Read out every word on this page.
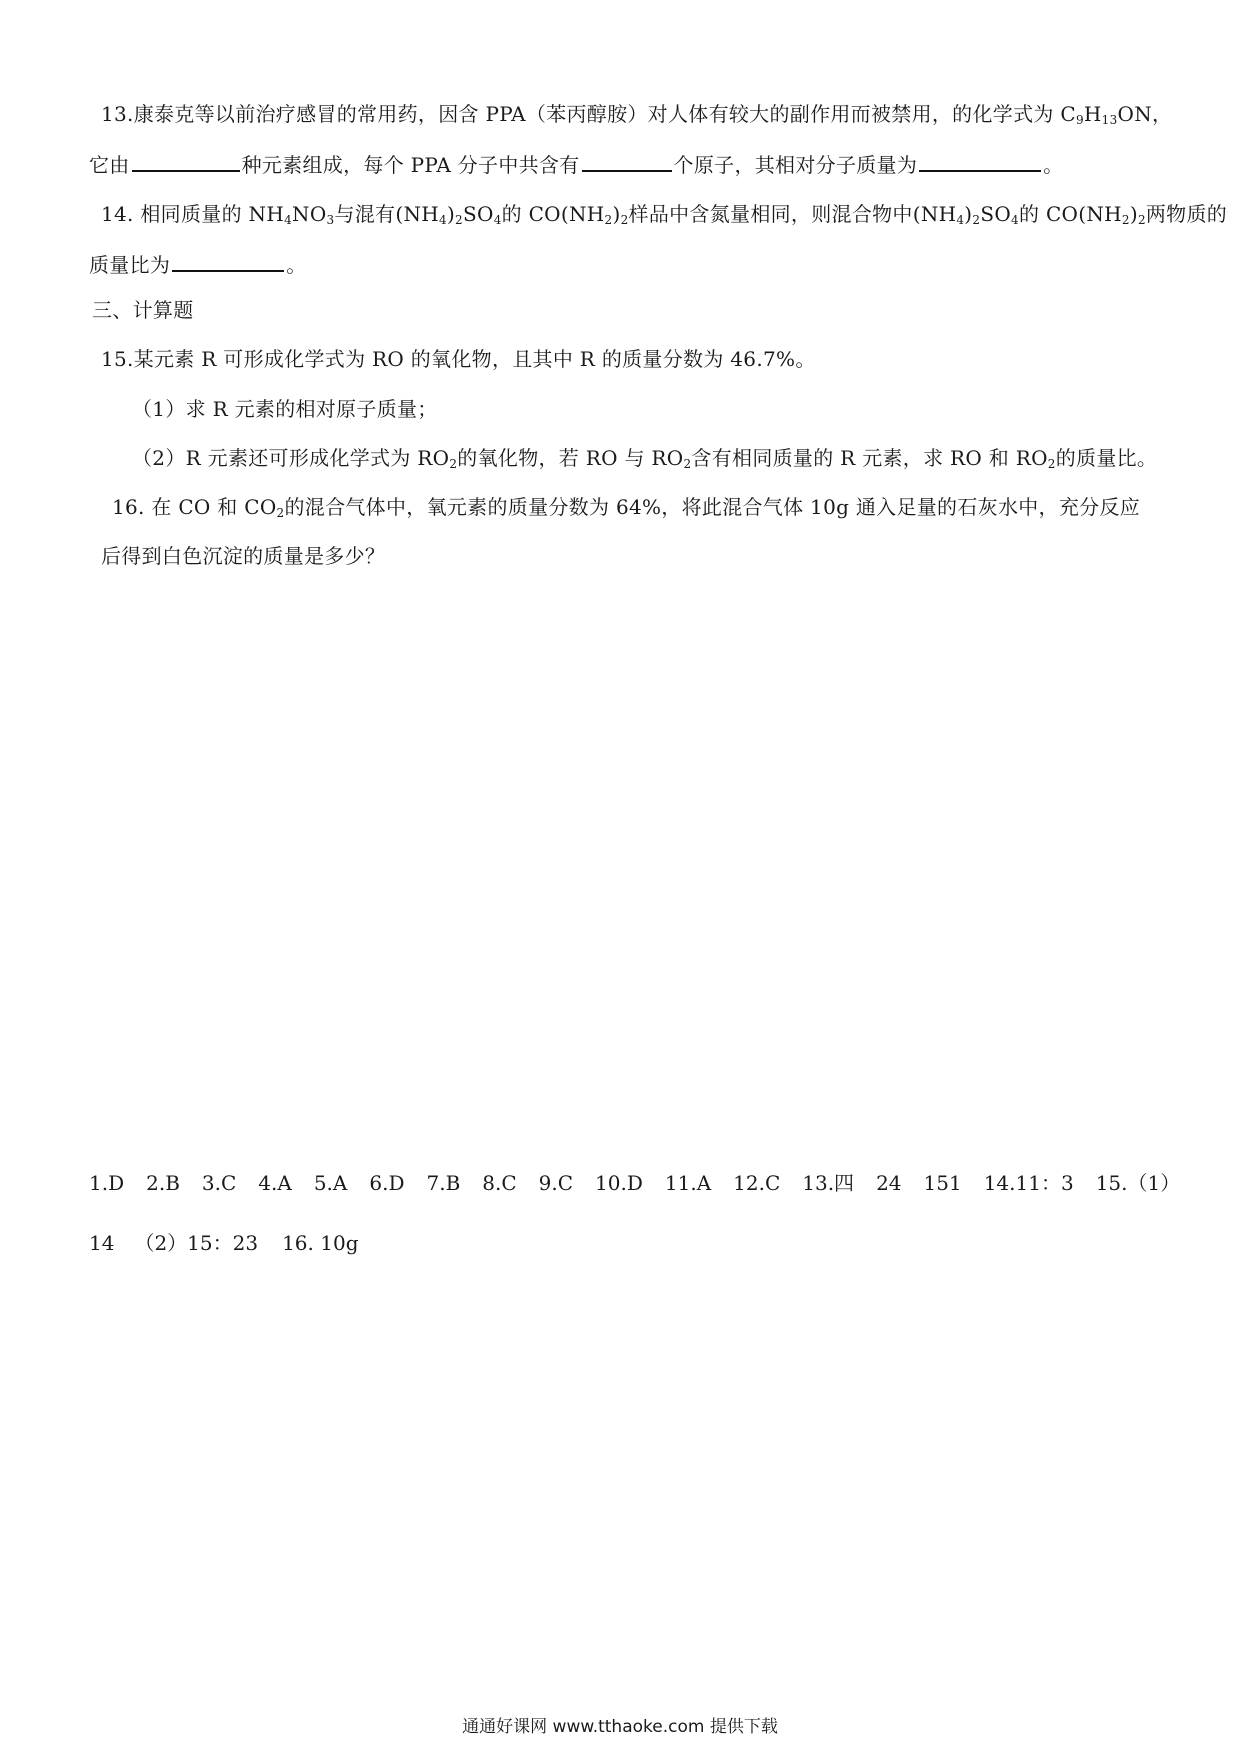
13.康泰克等以前治疗感冒的常用药，因含 PPA（苯丙醇胺）对人体有较大的副作用而被禁用，的化学式为 $C_9H_{13}ON$，
它由	种元素组成，每个 PPA 分子中共含有	个原子，其相对分子质量为	。
14. 相同质量的 $NH_4NO_3$与混有$(NH_4)_2SO_4$的 $CO(NH_2)_2$样品中含氮量相同，则混合物中$(NH_4)_2SO_4$的 $CO(NH_2)_2$两物质的
质量比为	。
三、计算题
15.某元素 R 可形成化学式为 RO 的氧化物，且其中 R 的质量分数为 46.7%。
（1）求 R 元素的相对原子质量；
（2）R 元素还可形成化学式为 $RO_2$的氧化物，若 RO 与 $RO_2$含有相同质量的 R 元素，求 RO 和 $RO_2$的质量比。
16. 在 CO 和 $CO_2$的混合气体中，氧元素的质量分数为 64%，将此混合气体 10g 通入足量的石灰水中，充分反应
后得到白色沉淀的质量是多少？
1.D 2.B 3.C 4.A 5.A 6.D 7.B 8.C 9.C 10.D 11.A 12.C 13.四 24 151 14.11：3 15.（1）
14 （2）15：23 16. 10g
通通好课网 www.tthaoke.com 提供下载
